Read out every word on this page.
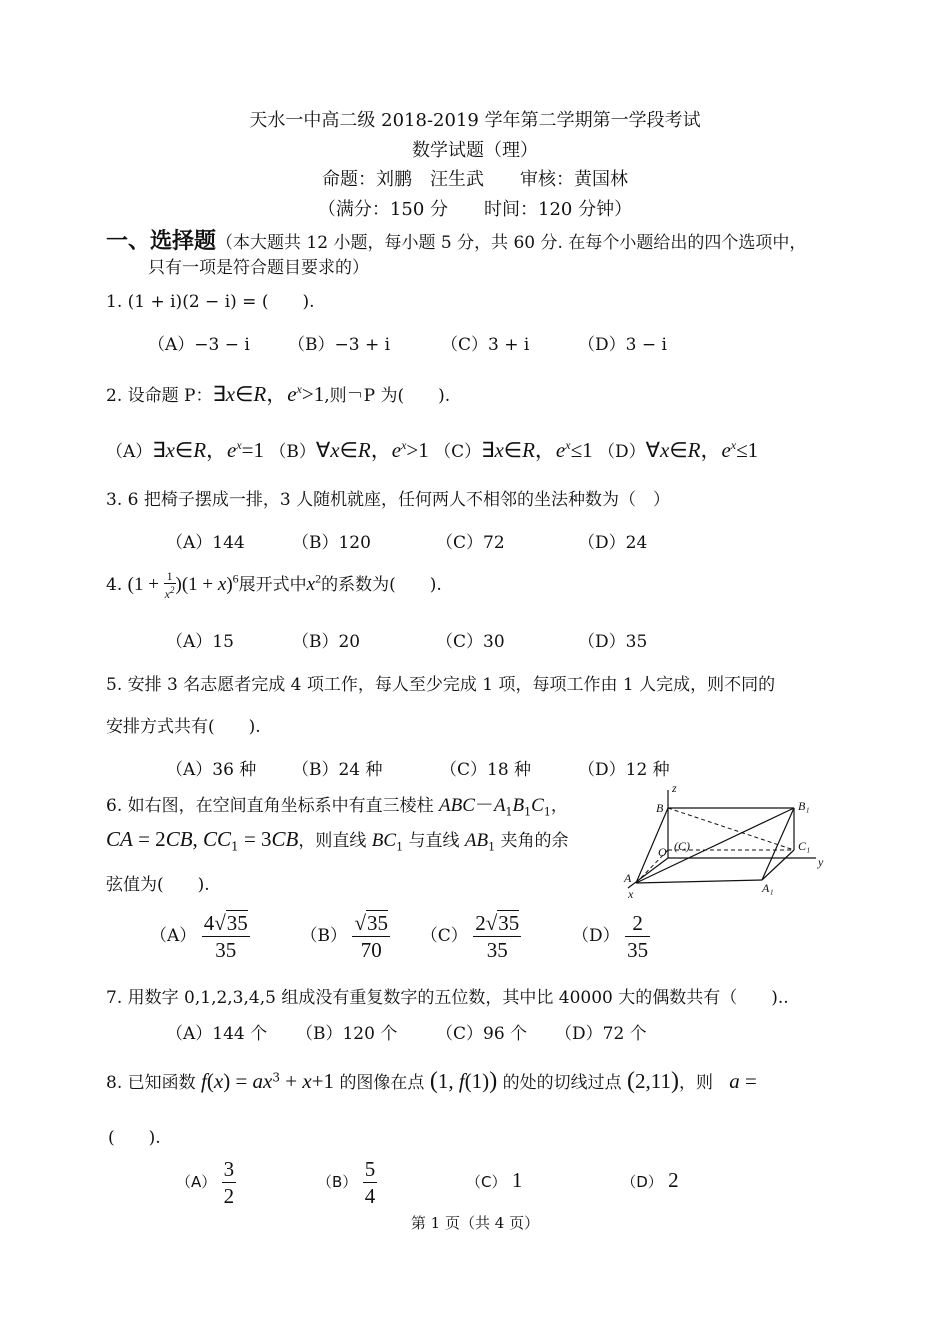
天水一中高二级 2018-2019 学年第二学期第一学段考试
数学试题（理）
命题：刘鹏　汪生武　　审核：黄国林
（满分：150 分　　时间：120 分钟）
一、选择题（本大题共 12 小题，每小题 5 分，共 60 分. 在每个小题给出的四个选项中，
只有一项是符合题目要求的）
1. (1 + i)(2 − i) = (　　).
（A）−3 − i （B）−3 + i	（C）3 + i	（D）3 − i
2. 设命题 P：∃x∈R，$e^x>1$,则￢P 为(　　).
（A）∃x∈R，$e^x=1$ （B）∀x∈R，$e^x>1$ （C）∃x∈R，$e^x\le 1$ （D）∀x∈R，$e^x\le 1$
3. 6 把椅子摆成一排，3 人随机就座，任何两人不相邻的坐法种数为（　）
（A）144	（B）120	（C）72	（D）24
4. $(1 + \frac{1}{x^2} )(1 + x)^6$展开式中$x^2$的系数为(　　).
（A）15	（B）20	（C）30	（D）35
5. 安排 3 名志愿者完成 4 项工作，每人至少完成 1 项，每项工作由 1 人完成，则不同的
安排方式共有(　　).
（A）36 种 （B）24 种	（C）18 种	（D）12 种
6. 如右图，在空间直角坐标系中有直三棱柱 $ABC-A_1B_1C_1$，
CA = 2CB, $CC_1 = 3CB$，则直线 $BC_1$ 与直线 $AB_1$ 夹角的余
弦值为(　　).
z
B	B₁
O (C)	C₁
y
A
A₁
x
$(A) \frac{4√35}{35}$	$(B) \frac{√35}{70} (C) \frac{2√35}{35}$	$(D) \frac{2}{35}$
7. 用数字 0,1,2,3,4,5 组成没有重复数字的五位数，其中比 40000 大的偶数共有（　　)..
（A）144 个 （B）120 个 （C）96 个 （D）72 个
8. 已知函数 $f(x) = ax^3 + x+1$ 的图像在点 (1, f(1)) 的处的切线过点 (2,11)，则 a =
(　　).
$(A) \frac{3}{2}$	$(B) \frac{5}{4}$	（C） 1	（D） 2
第 1 页（共 4 页）
